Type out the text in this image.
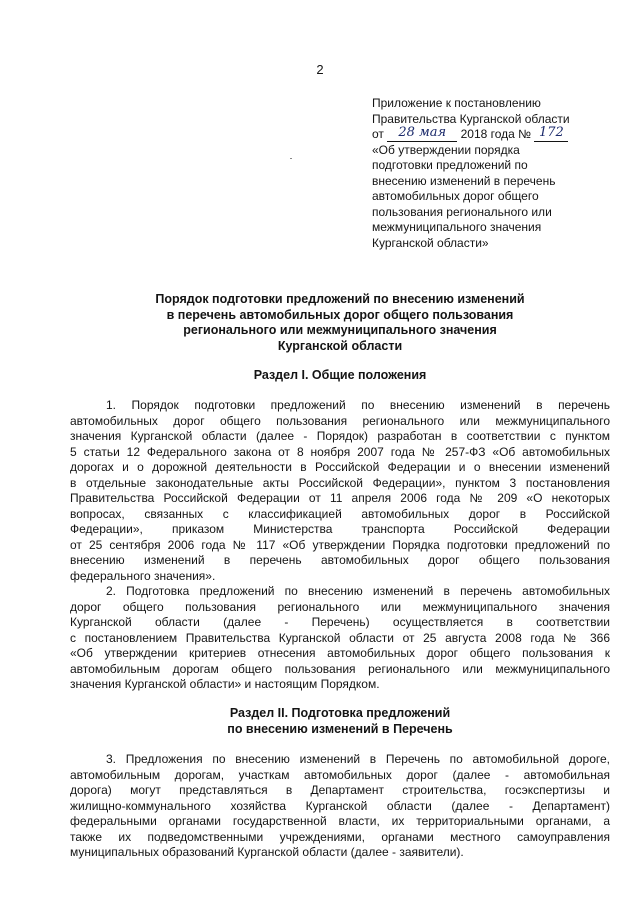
2
Приложение к постановлению
Правительства Курганской области
от 28 мая 2018 года № 172
«Об утверждении порядка
подготовки предложений по
внесению изменений в перечень
автомобильных дорог общего
пользования регионального или
межмуниципального значения
Курганской области»
Порядок подготовки предложений по внесению изменений
в перечень автомобильных дорог общего пользования
регионального или межмуниципального значения
Курганской области
Раздел I. Общие положения
1. Порядок подготовки предложений по внесению изменений в перечень
автомобильных дорог общего пользования регионального или межмуниципального
значения Курганской области (далее - Порядок) разработан в соответствии с пунктом
5 статьи 12 Федерального закона от 8 ноября 2007 года № 257-ФЗ «Об автомобильных
дорогах и о дорожной деятельности в Российской Федерации и о внесении изменений
в отдельные законодательные акты Российской Федерации», пунктом 3 постановления
Правительства Российской Федерации от 11 апреля 2006 года № 209 «О некоторых
вопросах, связанных с классификацией автомобильных дорог в Российской
Федерации», приказом Министерства транспорта Российской Федерации
от 25 сентября 2006 года № 117 «Об утверждении Порядка подготовки предложений по
внесению изменений в перечень автомобильных дорог общего пользования
федерального значения».
2. Подготовка предложений по внесению изменений в перечень автомобильных
дорог общего пользования регионального или межмуниципального значения
Курганской области (далее - Перечень) осуществляется в соответствии
с постановлением Правительства Курганской области от 25 августа 2008 года № 366
«Об утверждении критериев отнесения автомобильных дорог общего пользования к
автомобильным дорогам общего пользования регионального или межмуниципального
значения Курганской области» и настоящим Порядком.
Раздел II. Подготовка предложений
по внесению изменений в Перечень
3. Предложения по внесению изменений в Перечень по автомобильной дороге,
автомобильным дорогам, участкам автомобильных дорог (далее - автомобильная
дорога) могут представляться в Департамент строительства, госэкспертизы и
жилищно-коммунального хозяйства Курганской области (далее - Департамент)
федеральными органами государственной власти, их территориальными органами, а
также их подведомственными учреждениями, органами местного самоуправления
муниципальных образований Курганской области (далее - заявители).
